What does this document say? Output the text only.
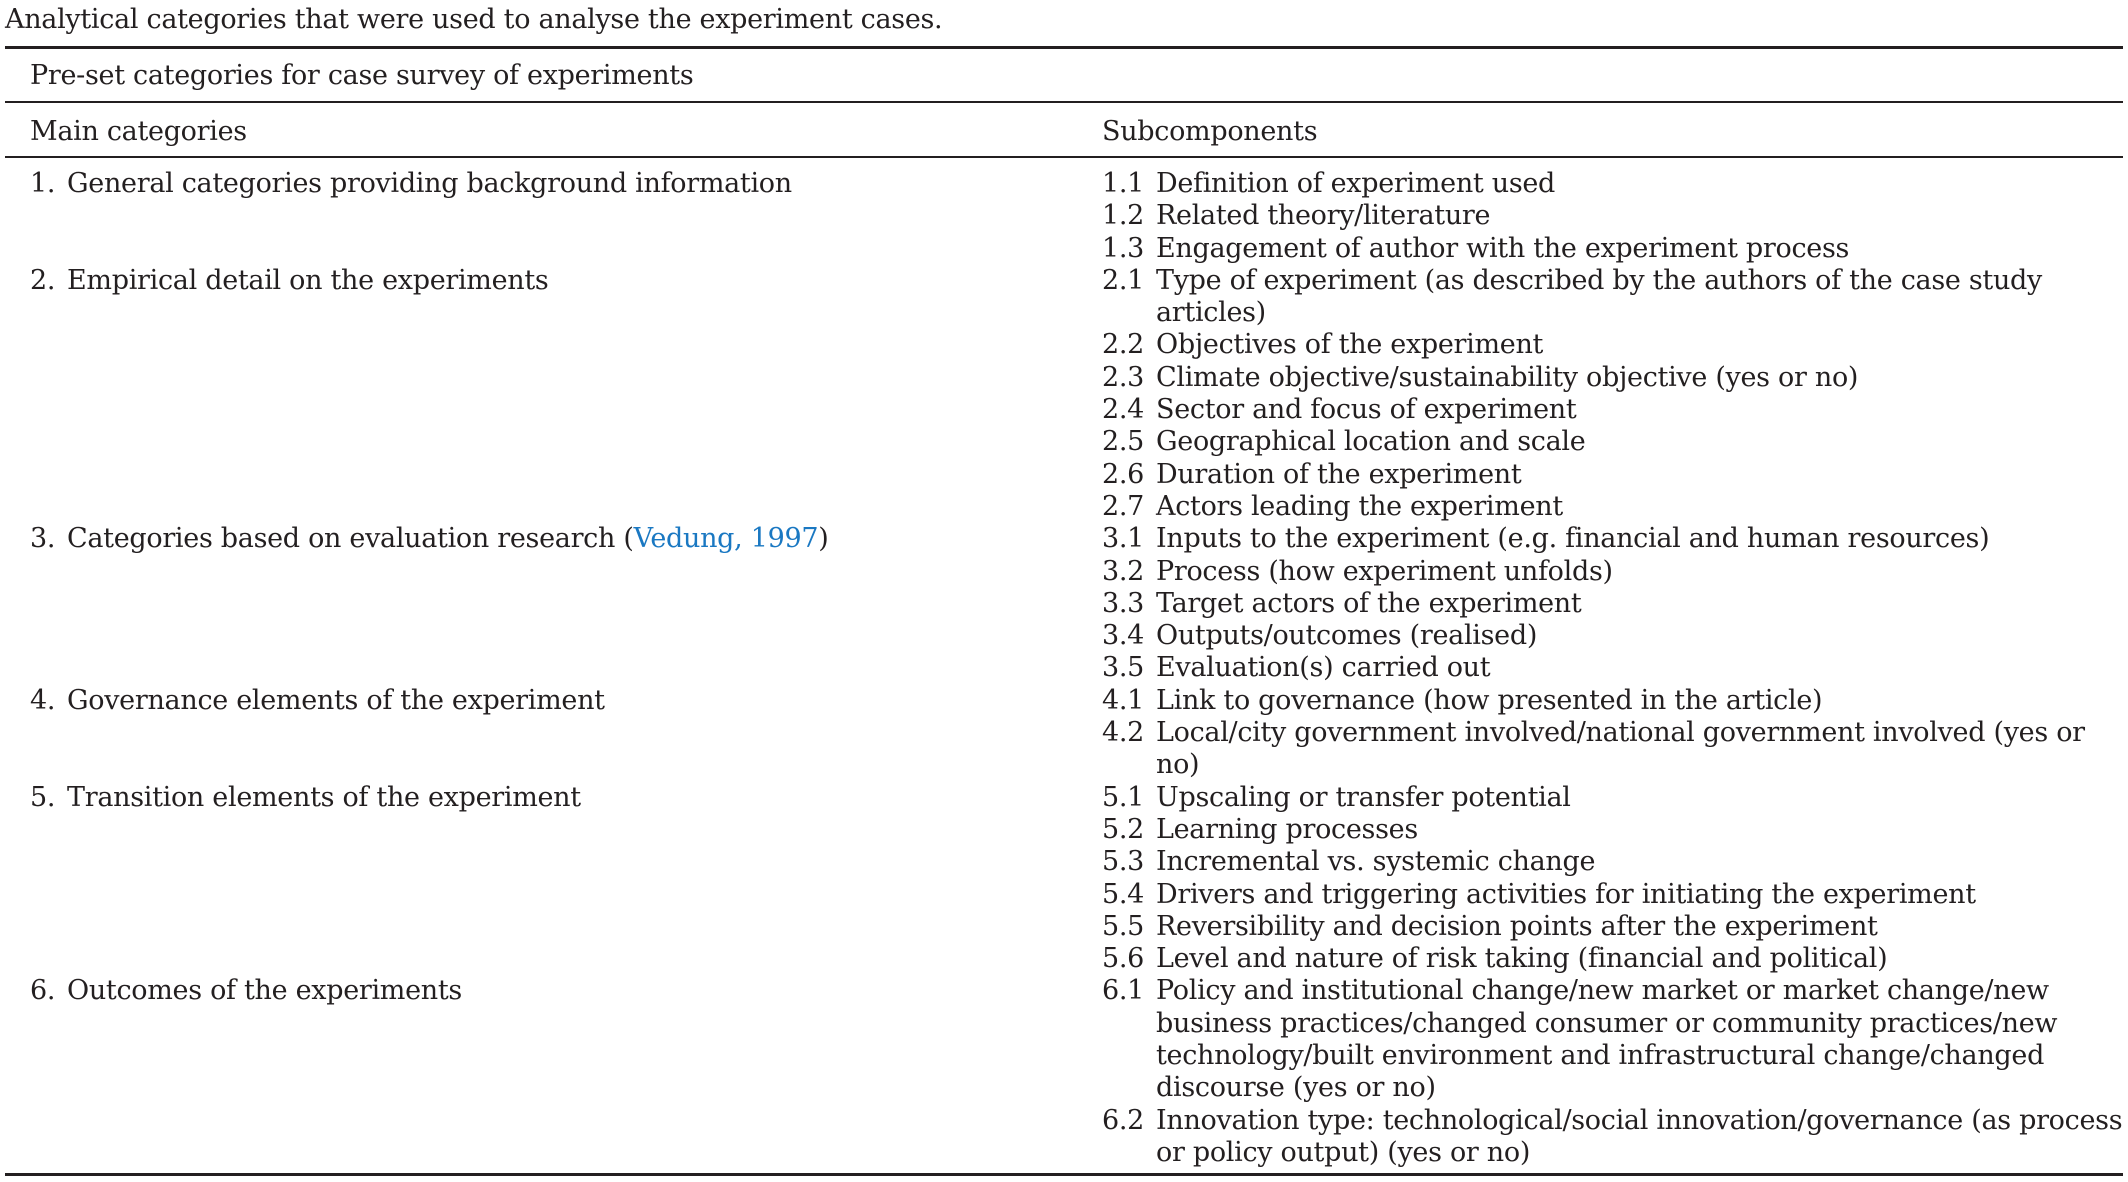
Analytical categories that were used to analyse the experiment cases.
Pre-set categories for case survey of experiments
Main categories	Subcomponents
1. General categories providing background information	1.1 Definition of experiment used
1.2 Related theory/literature
1.3 Engagement of author with the experiment process
2. Empirical detail on the experiments	2.1 Type of experiment (as described by the authors of the case study articles)
2.2 Objectives of the experiment
2.3 Climate objective/sustainability objective (yes or no)
2.4 Sector and focus of experiment
2.5 Geographical location and scale
2.6 Duration of the experiment
2.7 Actors leading the experiment
3. Categories based on evaluation research (Vedung, 1997)	3.1 Inputs to the experiment (e.g. financial and human resources)
3.2 Process (how experiment unfolds)
3.3 Target actors of the experiment
3.4 Outputs/outcomes (realised)
3.5 Evaluation(s) carried out
4. Governance elements of the experiment	4.1 Link to governance (how presented in the article)
4.2 Local/city government involved/national government involved (yes or no)
5. Transition elements of the experiment	5.1 Upscaling or transfer potential
5.2 Learning processes
5.3 Incremental vs. systemic change
5.4 Drivers and triggering activities for initiating the experiment
5.5 Reversibility and decision points after the experiment
5.6 Level and nature of risk taking (financial and political)
6. Outcomes of the experiments	6.1 Policy and institutional change/new market or market change/new business practices/changed consumer or community practices/new technology/built environment and infrastructural change/changed discourse (yes or no)
6.2 Innovation type: technological/social innovation/governance (as process or policy output) (yes or no)
